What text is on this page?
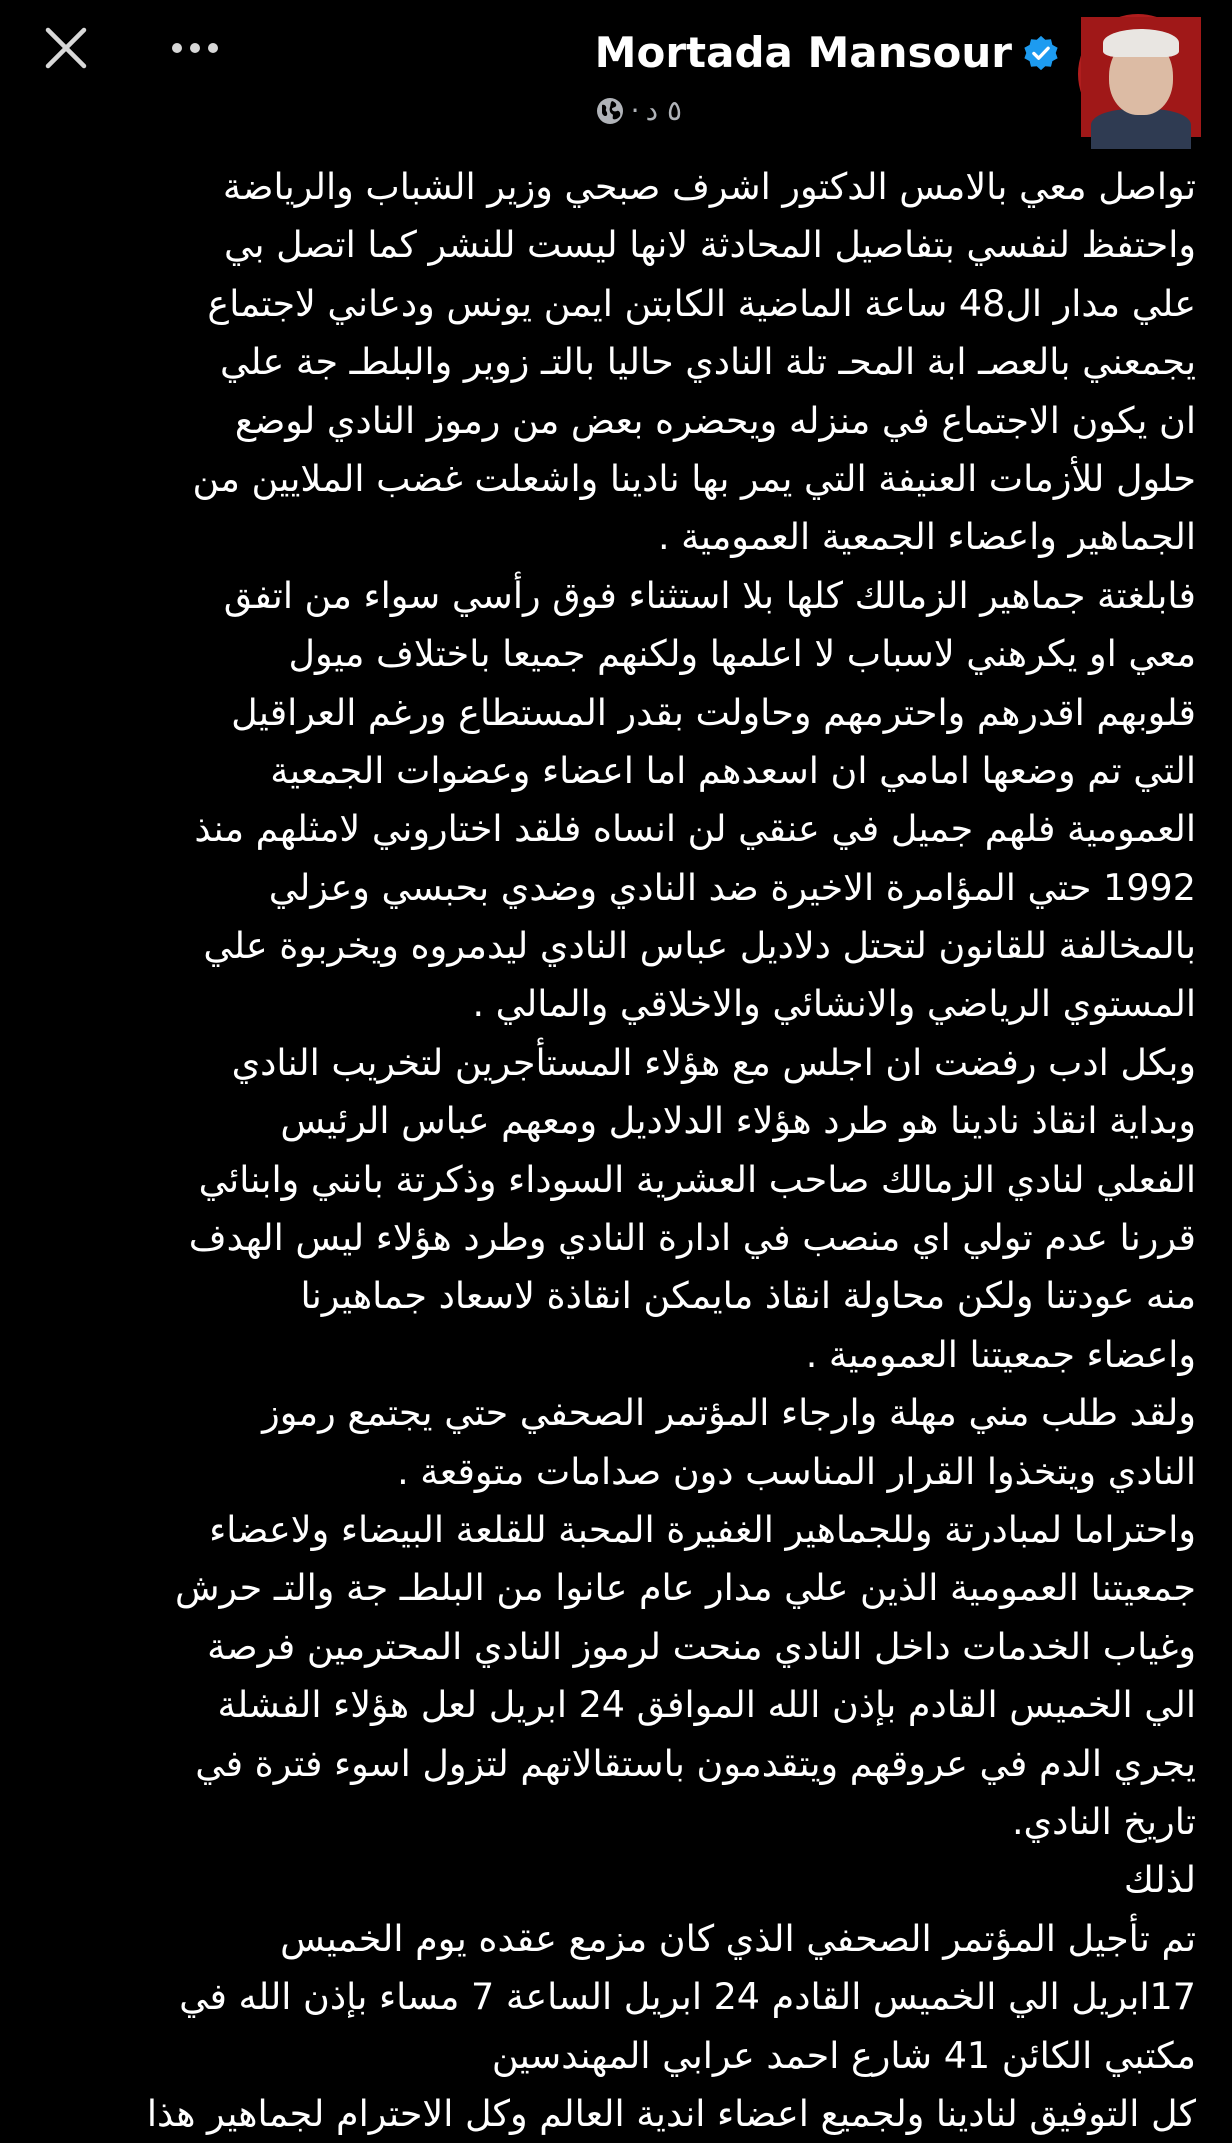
Mortada Mansour
٥ د
·
تواصل معي بالامس الدكتور اشرف صبحي وزير الشباب والرياضة
واحتفظ لنفسي بتفاصيل المحادثة لانها ليست للنشر كما اتصل بي
علي مدار ال48 ساعة الماضية الكابتن ايمن يونس ودعاني لاجتماع
يجمعني بالعصـ ابة المحـ تلة النادي حاليا بالتـ زوير والبلطـ جة علي
ان يكون الاجتماع في منزله ويحضره بعض من رموز النادي لوضع
حلول للأزمات العنيفة التي يمر بها نادينا واشعلت غضب الملايين من
الجماهير واعضاء الجمعية العمومية .
فابلغتة جماهير الزمالك كلها بلا استثناء فوق رأسي سواء من اتفق
معي او يكرهني لاسباب لا اعلمها ولكنهم جميعا باختلاف ميول
قلوبهم اقدرهم واحترمهم وحاولت بقدر المستطاع ورغم العراقيل
التي تم وضعها امامي ان اسعدهم اما اعضاء وعضوات الجمعية
العمومية فلهم جميل في عنقي لن انساه فلقد اختاروني لامثلهم منذ
1992 حتي المؤامرة الاخيرة ضد النادي وضدي بحبسي وعزلي
بالمخالفة للقانون لتحتل دلاديل عباس النادي ليدمروه ويخربوة علي
المستوي الرياضي والانشائي والاخلاقي والمالي .
وبكل ادب رفضت ان اجلس مع هؤلاء المستأجرين لتخريب النادي
وبداية انقاذ نادينا هو طرد هؤلاء الدلاديل ومعهم عباس الرئيس
الفعلي لنادي الزمالك صاحب العشرية السوداء وذكرتة بانني وابنائي
قررنا عدم تولي اي منصب في ادارة النادي وطرد هؤلاء ليس الهدف
منه عودتنا ولكن محاولة انقاذ مايمكن انقاذة لاسعاد جماهيرنا
واعضاء جمعيتنا العمومية .
ولقد طلب مني مهلة وارجاء المؤتمر الصحفي حتي يجتمع رموز
النادي ويتخذوا القرار المناسب دون صدامات متوقعة .
واحتراما لمبادرتة وللجماهير الغفيرة المحبة للقلعة البيضاء ولاعضاء
جمعيتنا العمومية الذين علي مدار عام عانوا من البلطـ جة والتـ حرش
وغياب الخدمات داخل النادي منحت لرموز النادي المحترمين فرصة
الي الخميس القادم بإذن الله الموافق 24 ابريل لعل هؤلاء الفشلة
يجري الدم في عروقهم ويتقدمون باستقالاتهم لتزول اسوء فترة في
تاريخ النادي.
لذلك
تم تأجيل المؤتمر الصحفي الذي كان مزمع عقده يوم الخميس
17ابريل الي الخميس القادم 24 ابريل الساعة 7 مساء بإذن الله في
مكتبي الكائن 41 شارع احمد عرابي المهندسين
كل التوفيق لنادينا ولجميع اعضاء اندية العالم وكل الاحترام لجماهير هذا
